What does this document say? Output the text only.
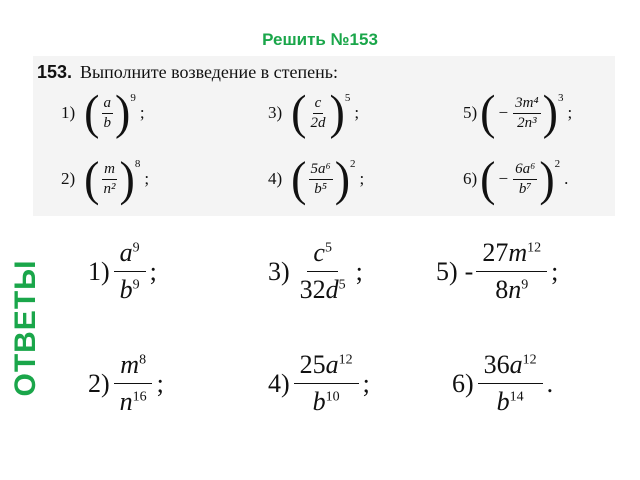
Решить №153
153. Выполните возведение в степень:
1) ( $\frac{a}{b}$ ) 9
;
2) ( $\frac{m}{\text{n²}}$ ) 8
;
3) ( $\frac{c}{2d}$ ) 5
;
4) ( $\frac{\text{5a⁶}}{\text{b⁵}}$ ) 2
;
5) ( − $\frac{\text{3m⁴}}{\text{2n³}}$ ) 3
;
6) ( − $\frac{\text{6a⁶}}{\text{b⁷}}$ ) 2
.
ОТВЕТЫ $1) \frac{a^9}{b^9}$ ;
$2) \frac{m^8}{n^{16}}$ ;
$3) \frac{c^5}{32d^5}$ ;
$4) \frac{25a^{12}}{b^{10}}$ ;
$5) - \frac{27m^{12}}{8n^9}$ ;
$6) \frac{36a^{12}}{b^{14}}$ .
